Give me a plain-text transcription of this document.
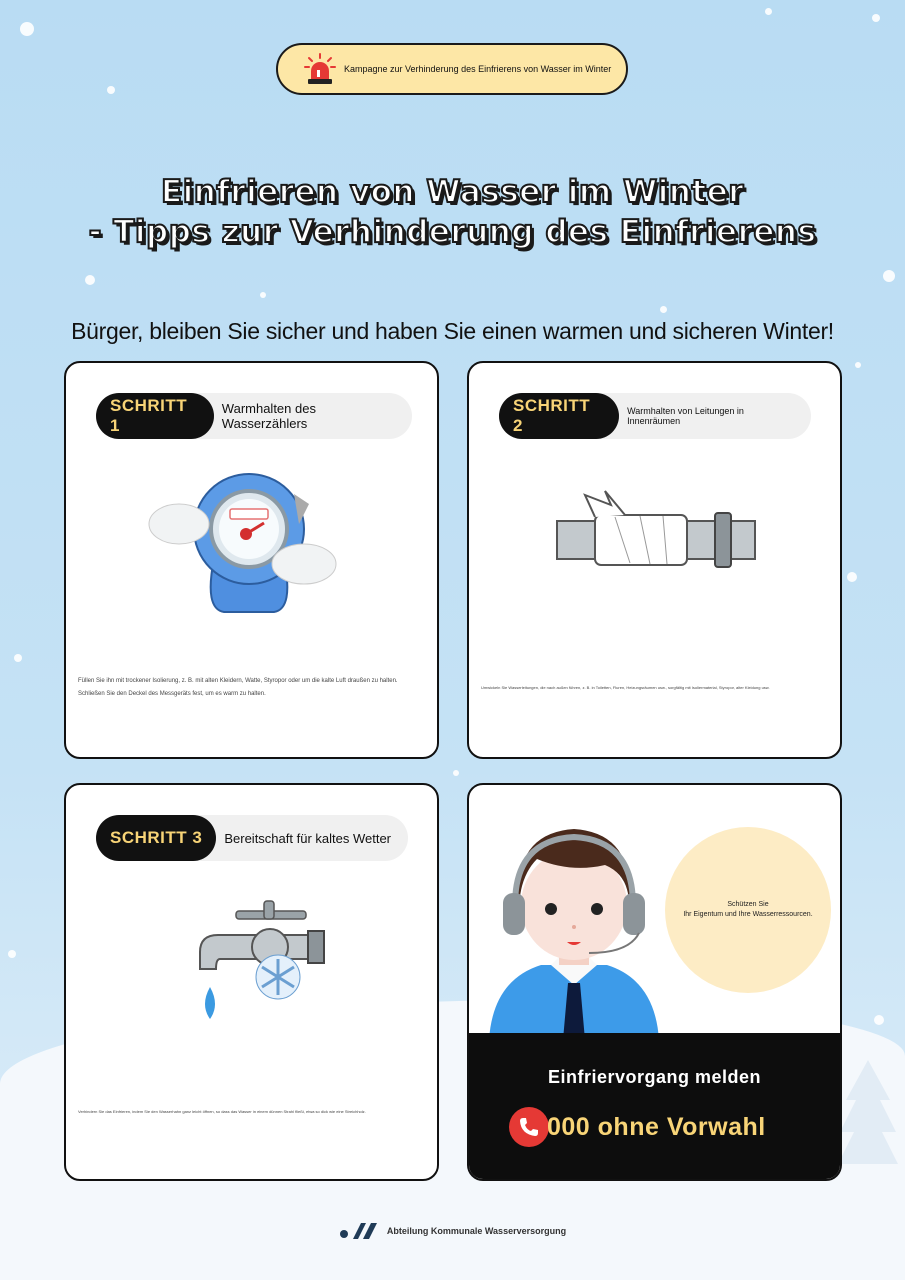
Kampagne zur Verhinderung des Einfrierens von Wasser im Winter
Einfrieren von Wasser im Winter
- Tipps zur Verhinderung des Einfrierens
Bürger, bleiben Sie sicher und haben Sie einen warmen und sicheren Winter!
SCHRITT 1
Warmhalten des Wasserzählers
Füllen Sie ihn mit trockener Isolierung, z. B. mit alten Kleidern, Watte, Styropor oder um die kalte Luft draußen zu halten.
Schließen Sie den Deckel des Messgeräts fest, um es warm zu halten.
SCHRITT 2
Warmhalten von Leitungen in Innenräumen
Umwickeln Sie Wasserleitungen, die nach außen führen, z. B. in Toiletten, Fluren, Heizungsräumen usw., sorgfältig mit Isoliermaterial, Styropor, alter Kleidung usw.
SCHRITT 3	Bereitschaft für kaltes Wetter
Verhindern Sie das Einfrieren, indem Sie den Wasserhahn ganz leicht öffnen, so dass das Wasser in einem dünnen Strahl fließt, etwa so dick wie eine Streichholz.
Schützen Sie
Ihr Eigentum und Ihre Wasserressourcen.
Einfriervorgang melden
000 ohne Vorwahl
Abteilung Kommunale Wasserversorgung
